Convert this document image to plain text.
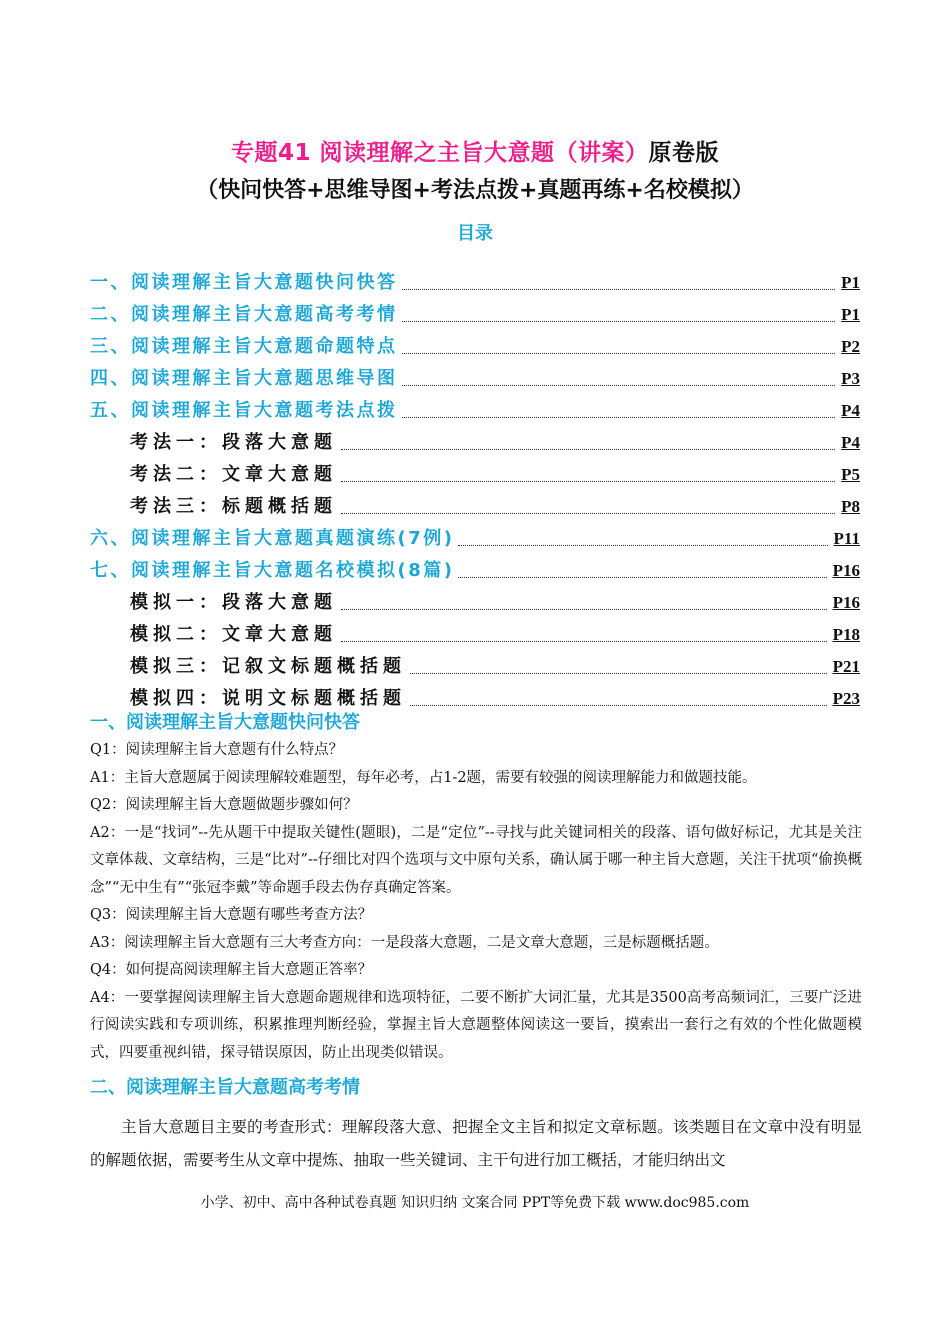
专题41 阅读理解之主旨大意题（讲案）原卷版
（快问快答+思维导图+考法点拨+真题再练+名校模拟）
目录
一、阅读理解主旨大意题快问快答	P1
二、阅读理解主旨大意题高考考情	P1
三、阅读理解主旨大意题命题特点	P2
四、阅读理解主旨大意题思维导图	P3
五、阅读理解主旨大意题考法点拨	P4
考法一：段落大意题	P4
考法二：文章大意题	P5
考法三：标题概括题	P8
六、阅读理解主旨大意题真题演练(7例)	P11
七、阅读理解主旨大意题名校模拟(8篇)	P16
模拟一：段落大意题	P16
模拟二：文章大意题	P18
模拟三：记叙文标题概括题	P21
模拟四：说明文标题概括题	P23
一、阅读理解主旨大意题快问快答

Q1：阅读理解主旨大意题有什么特点？

A1：主旨大意题属于阅读理解较难题型，每年必考，占1-2题，需要有较强的阅读理解能力和做题技能。

Q2：阅读理解主旨大意题做题步骤如何？

A2：一是“找词”--先从题干中提取关键性(题眼)，二是“定位”--寻找与此关键词相关的段落、语句做好标记，尤其是关注文章体裁、文章结构，三是“比对”--仔细比对四个选项与文中原句关系，确认属于哪一种主旨大意题，关注干扰项“偷换概念”“无中生有”“张冠李戴”等命题手段去伪存真确定答案。

Q3：阅读理解主旨大意题有哪些考查方法？

A3：阅读理解主旨大意题有三大考查方向：一是段落大意题，二是文章大意题，三是标题概括题。

Q4：如何提高阅读理解主旨大意题正答率？

A4：一要掌握阅读理解主旨大意题命题规律和选项特征，二要不断扩大词汇量，尤其是3500高考高频词汇，三要广泛进行阅读实践和专项训练，积累推理判断经验，掌握主旨大意题整体阅读这一要旨，摸索出一套行之有效的个性化做题模式，四要重视纠错，探寻错误原因，防止出现类似错误。

二、阅读理解主旨大意题高考考情

主旨大意题目主要的考查形式：理解段落大意、把握全文主旨和拟定文章标题。该类题目在文章中没有明显的解题依据，需要考生从文章中提炼、抽取一些关键词、主干句进行加工概括，才能归纳出文

小学、初中、高中各种试卷真题 知识归纳 文案合同 PPT等免费下载 www.doc985.com
